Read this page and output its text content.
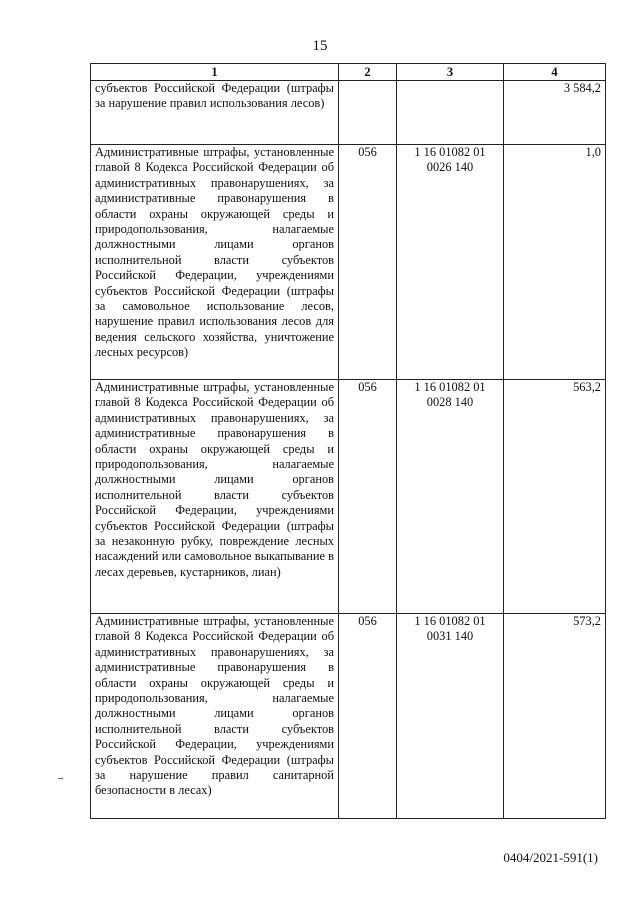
15
1	2	3	4
субъектов Российской Федерации (штрафы за нарушение правил использования лесов)			3 584,2
Административные штрафы, установленные главой 8 Кодекса Российской Федерации об административных правонарушениях, за административные правонарушения в области охраны окружающей среды и природопользования, налагаемые должностными лицами органов исполнительной власти субъектов Российской Федерации, учреждениями субъектов Российской Федерации (штрафы за самовольное использование лесов, нарушение правил использования лесов для ведения сельского хозяйства, уничтожение лесных ресурсов)	056	1 16 01082 01 0026 140	1,0
Административные штрафы, установленные главой 8 Кодекса Российской Федерации об административных правонарушениях, за административные правонарушения в области охраны окружающей среды и природопользования, налагаемые должностными лицами органов исполнительной власти субъектов Российской Федерации, учреждениями субъектов Российской Федерации (штрафы за незаконную рубку, повреждение лесных насаждений или самовольное выкапывание в лесах деревьев, кустарников, лиан)	056	1 16 01082 01 0028 140	563,2
Административные штрафы, установленные главой 8 Кодекса Российской Федерации об административных правонарушениях, за административные правонарушения в области охраны окружающей среды и природопользования, налагаемые должностными лицами органов исполнительной власти субъектов Российской Федерации, учреждениями субъектов Российской Федерации (штрафы за нарушение правил санитарной безопасности в лесах)	056	1 16 01082 01 0031 140	573,2
0404/2021-591(1)
